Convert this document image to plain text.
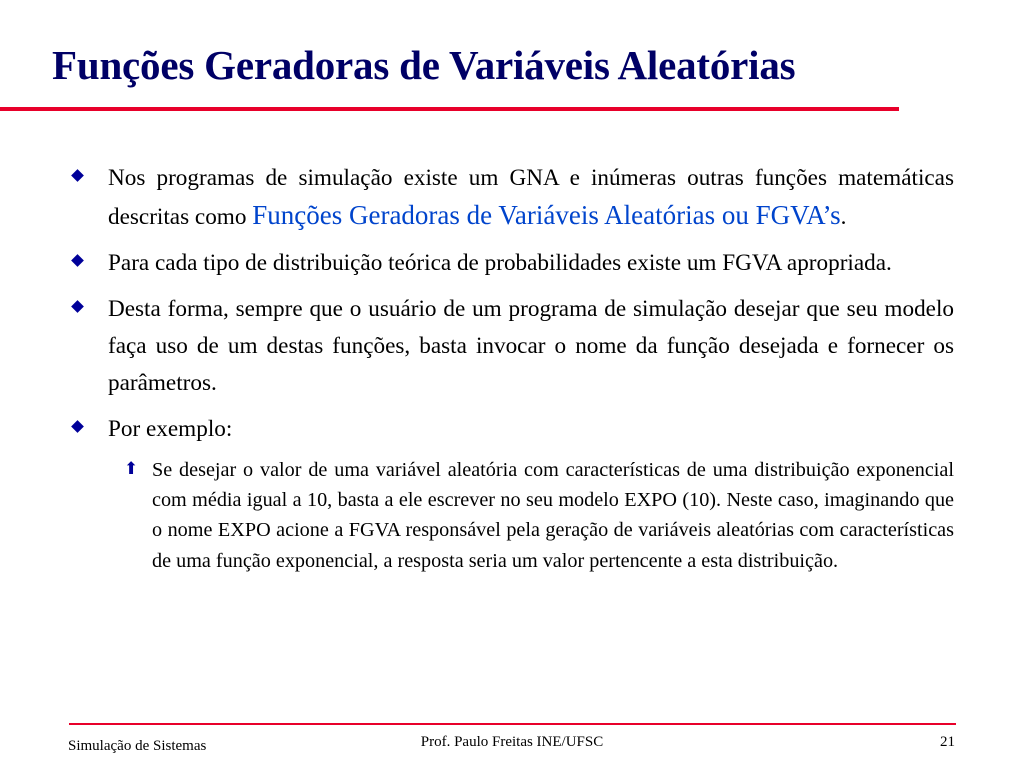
Funções Geradoras de Variáveis Aleatórias
Nos programas de simulação existe um GNA e inúmeras outras funções matemáticas descritas como Funções Geradoras de Variáveis Aleatórias ou FGVA’s.
Para cada tipo de distribuição teórica de probabilidades existe um FGVA apropriada.
Desta forma, sempre que o usuário de um programa de simulação desejar que seu modelo faça uso de um destas funções, basta invocar o nome da função desejada e fornecer os parâmetros.
Por exemplo:
⬆ Se desejar o valor de uma variável aleatória com características de uma distribuição exponencial com média igual a 10, basta a ele escrever no seu modelo EXPO (10). Neste caso, imaginando que o nome EXPO acione a FGVA responsável pela geração de variáveis aleatórias com características de uma função exponencial, a resposta seria um valor pertencente a esta distribuição.
Simulação de Sistemas	Prof. Paulo Freitas INE/UFSC	21
